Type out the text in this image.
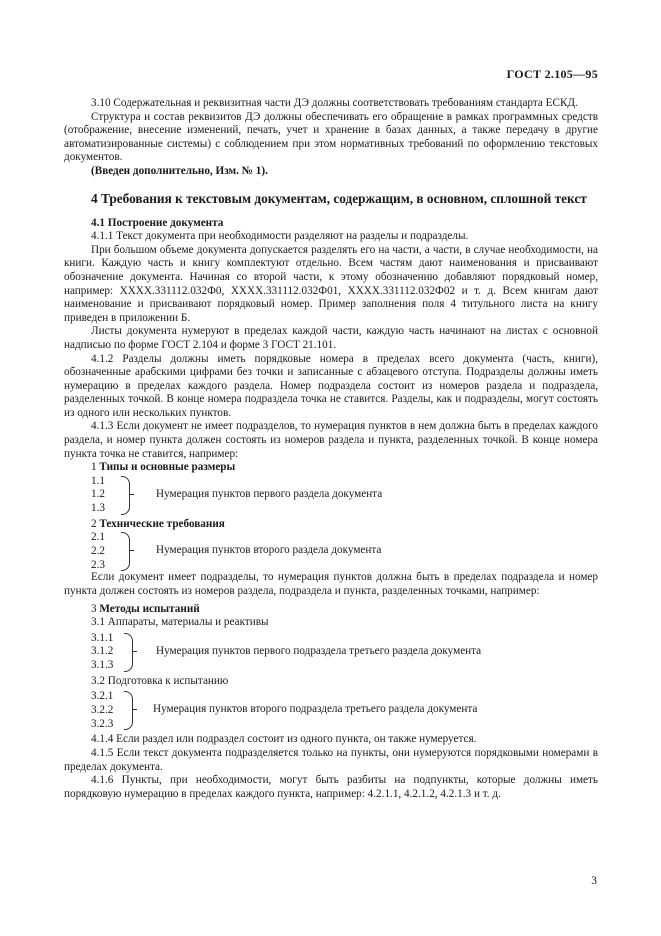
ГОСТ 2.105—95

3.10 Содержательная и реквизитная части ДЭ должны соответствовать требованиям стандарта ЕСКД.

Структура и состав реквизитов ДЭ должны обеспечивать его обращение в рамках программных средств (отображение, внесение изменений, печать, учет и хранение в базах данных, а также передачу в другие автоматизированные системы) с соблюдением при этом нормативных требований по оформлению текстовых документов.

(Введен дополнительно, Изм. № 1).

4 Требования к текстовым документам, содержащим, в основном, сплошной текст

4.1 Построение документа

4.1.1 Текст документа при необходимости разделяют на разделы и подразделы.

При большом объеме документа допускается разделять его на части, а части, в случае необходимости, на книги. Каждую часть и книгу комплектуют отдельно. Всем частям дают наименования и присваивают обозначение документа. Начиная со второй части, к этому обозначению добавляют порядковый номер, например: ХХХХ.331112.032Ф0, ХХХХ.331112.032Ф01, ХХХХ.331112.032Ф02 и т. д. Всем книгам дают наименование и присваивают порядковый номер. Пример заполнения поля 4 титульного листа на книгу приведен в приложении Б.

Листы документа нумеруют в пределах каждой части, каждую часть начинают на листах с основной надписью по форме ГОСТ 2.104 и форме 3 ГОСТ 21.101.

4.1.2 Разделы должны иметь порядковые номера в пределах всего документа (часть, книги), обозначенные арабскими цифрами без точки и записанные с абзацевого отступа. Подразделы должны иметь нумерацию в пределах каждого раздела. Номер подраздела состоит из номеров раздела и подраздела, разделенных точкой. В конце номера подраздела точка не ставится. Разделы, как и подразделы, могут состоять из одного или нескольких пунктов.

4.1.3 Если документ не имеет подразделов, то нумерация пунктов в нем должна быть в пределах каждого раздела, и номер пункта должен состоять из номеров раздела и пункта, разделенных точкой. В конце номера пункта точка не ставится, например:

1 Типы и основные размеры

1.1
1.2
1.3
Нумерация пунктов первого раздела документа

2 Технические требования

2.1
2.2
2.3
Нумерация пунктов второго раздела документа

Если документ имеет подразделы, то нумерация пунктов должна быть в пределах подраздела и номер пункта должен состоять из номеров раздела, подраздела и пункта, разделенных точками, например:

3 Методы испытаний

3.1 Аппараты, материалы и реактивы

3.1.1
3.1.2
3.1.3
Нумерация пунктов первого подраздела третьего раздела документа

3.2 Подготовка к испытанию

3.2.1
3.2.2
3.2.3
Нумерация пунктов второго подраздела третьего раздела документа

4.1.4 Если раздел или подраздел состоит из одного пункта, он также нумеруется.

4.1.5 Если текст документа подразделяется только на пункты, они нумеруются порядковыми номерами в пределах документа.

4.1.6 Пункты, при необходимости, могут быть разбиты на подпункты, которые должны иметь порядковую нумерацию в пределах каждого пункта, например: 4.2.1.1, 4.2.1.2, 4.2.1.3 и т. д.

3
